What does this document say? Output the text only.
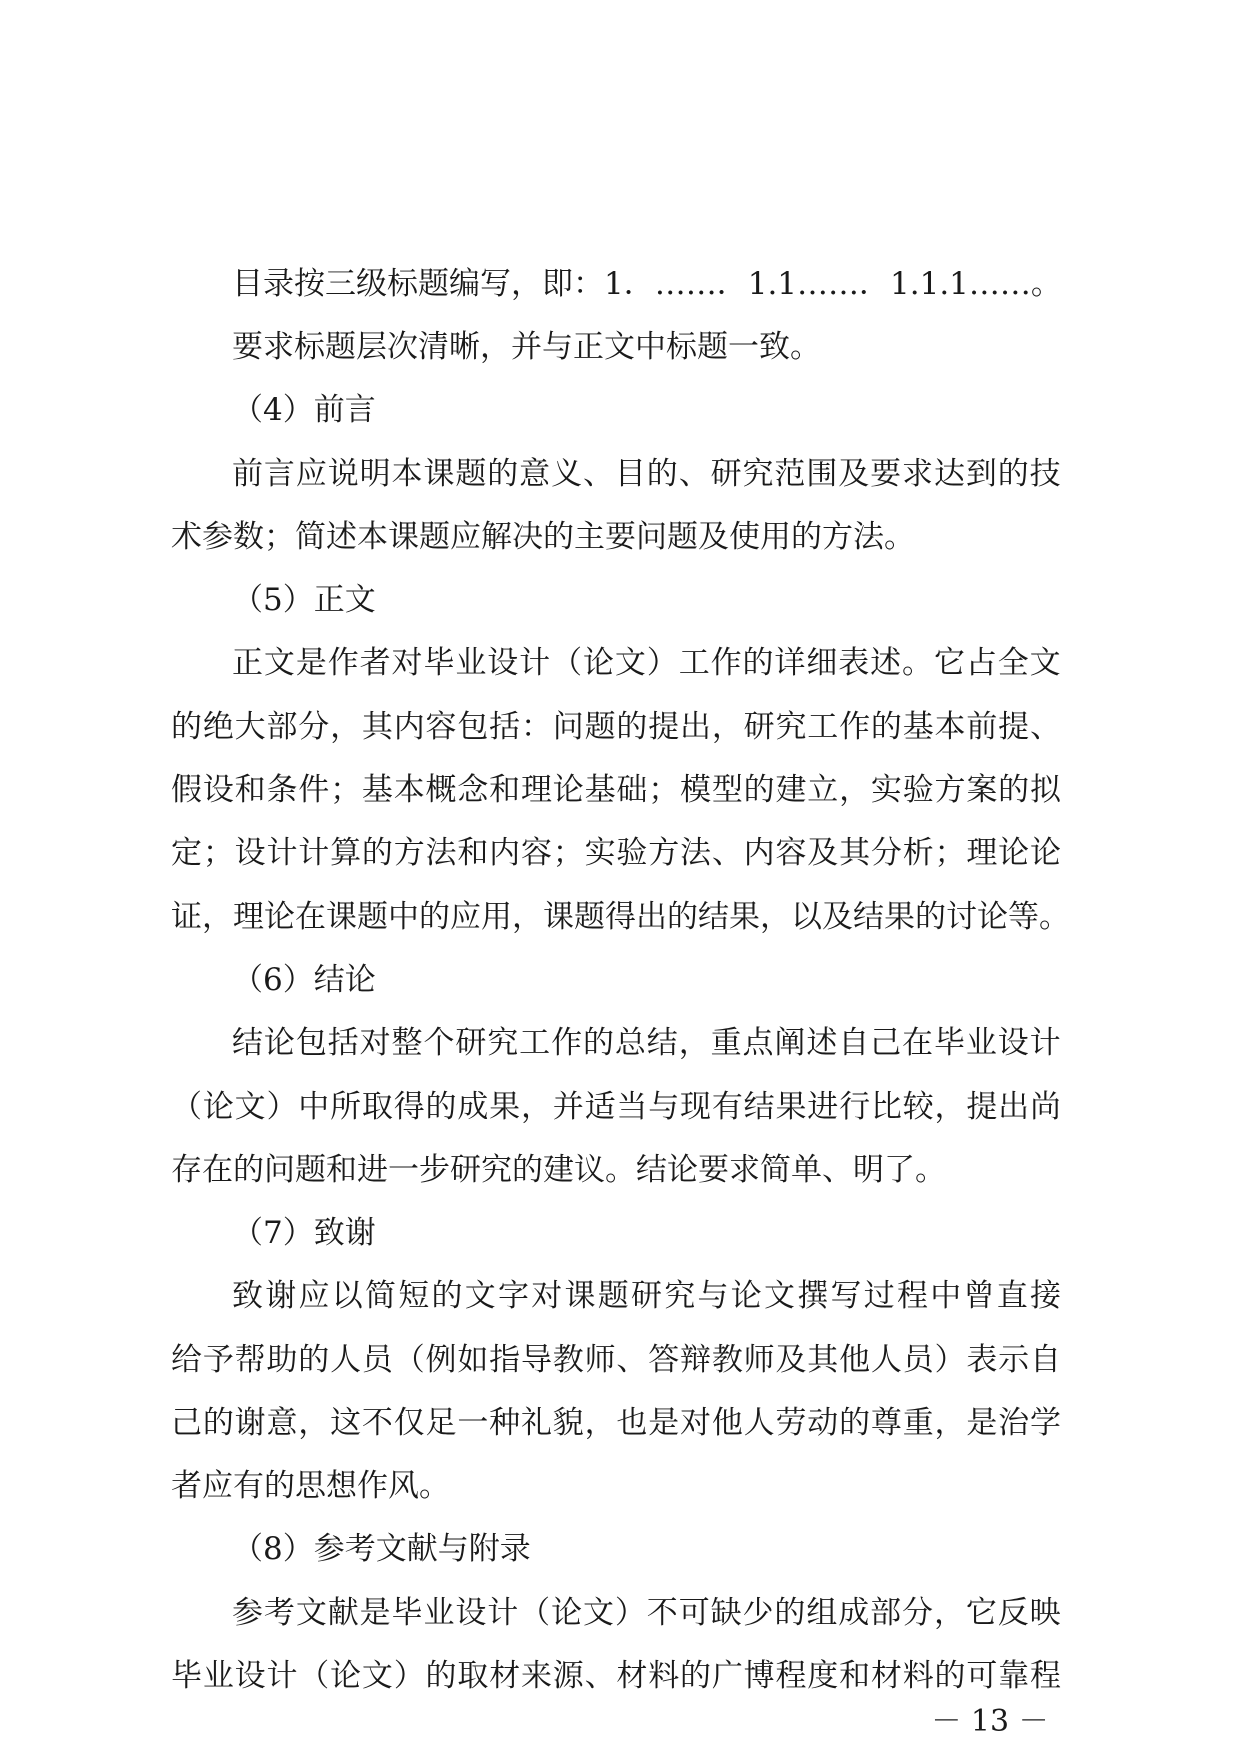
目录按三级标题编写，即：1．……．1.1……．1.1.1……。
要求标题层次清晰，并与正文中标题一致。
（4）前言
前 言 应 说 明 本 课 题 的 意 义 、 目 的 、 研 究 范 围 及 要 求 达 到 的 技
术参数；简述本课题应解决的主要问题及使用的方法。
（5）正文
正 文 是 作 者 对 毕 业 设 计 （ 论 文 ） 工 作 的 详 细 表 述 。 它 占 全 文
的 绝 大 部 分 ， 其 内 容 包 括 ： 问 题 的 提 出 ， 研 究 工 作 的 基 本 前 提 、
假 设 和 条 件 ； 基 本 概 念 和 理 论 基 础 ； 模 型 的 建 立 ， 实 验 方 案 的 拟
定 ； 设 计 计 算 的 方 法 和 内 容 ； 实 验 方 法 、 内 容 及 其 分 析 ； 理 论 论
证 ， 理 论 在 课 题 中 的 应 用 ， 课 题 得 出 的 结 果 ， 以 及 结 果 的 讨 论 等 。
（6）结论
结 论 包 括 对 整 个 研 究 工 作 的 总 结 ， 重 点 阐 述 自 己 在 毕 业 设 计
（ 论 文 ） 中 所 取 得 的 成 果 ， 并 适 当 与 现 有 结 果 进 行 比 较 ， 提 出 尚
存在的问题和进一步研究的建议。结论要求简单、明了。
（7）致谢
致 谢 应 以 简 短 的 文 字 对 课 题 研 究 与 论 文 撰 写 过 程 中 曾 直 接
给 予 帮 助 的 人 员 （ 例 如 指 导 教 师 、 答 辩 教 师 及 其 他 人 员 ） 表 示 自
己 的 谢 意 ， 这 不 仅 足 一 种 礼 貌 ， 也 是 对 他 人 劳 动 的 尊 重 ， 是 治 学
者应有的思想作风。
（8）参考文献与附录
参 考 文 献 是 毕 业 设 计 （ 论 文 ） 不 可 缺 少 的 组 成 部 分 ， 它 反 映
毕 业 设 计 （ 论 文 ） 的 取 材 来 源 、 材 料 的 广 博 程 度 和 材 料 的 可 靠 程
－ 13 －
